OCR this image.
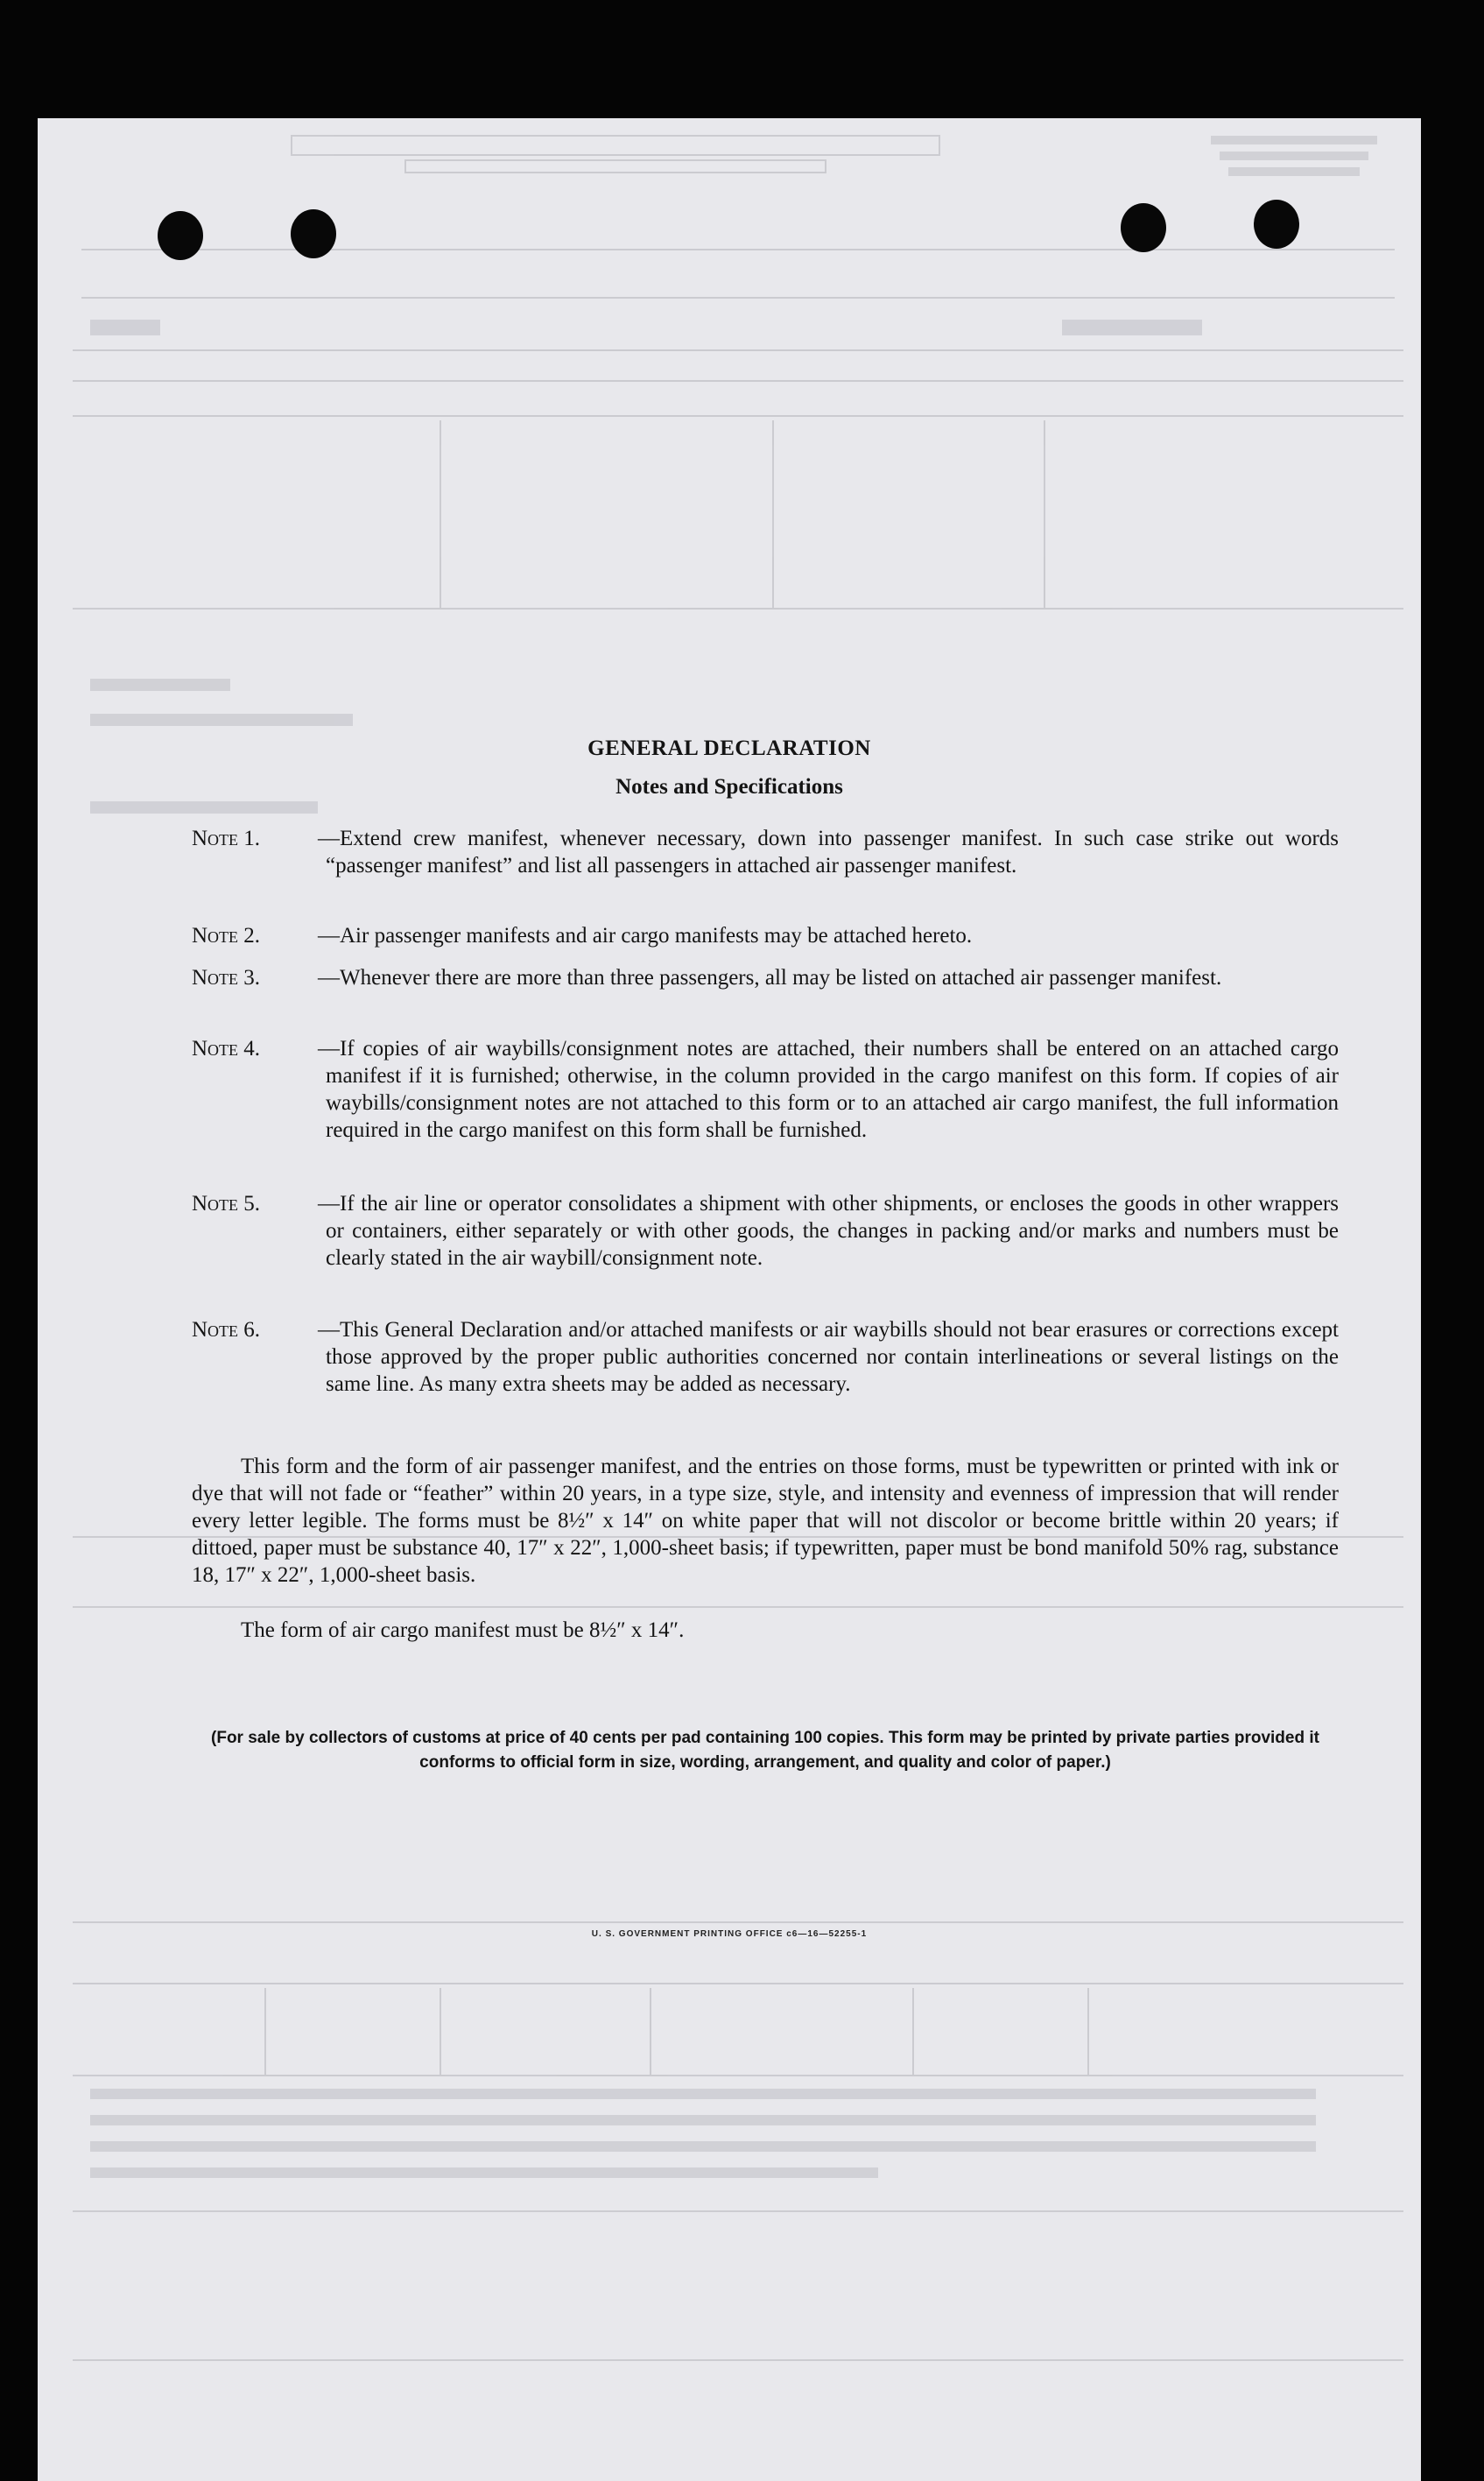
GENERAL DECLARATION
Notes and Specifications
Note 1.	—Extend crew manifest, whenever necessary, down into passenger manifest. In such case strike out words “passenger manifest” and list all passengers in attached air passenger manifest.
Note 2.	—Air passenger manifests and air cargo manifests may be attached hereto.
Note 3.	—Whenever there are more than three passengers, all may be listed on attached air passenger manifest.
Note 4.	—If copies of air waybills/consignment notes are attached, their numbers shall be entered on an attached cargo manifest if it is furnished; otherwise, in the column provided in the cargo manifest on this form. If copies of air waybills/consignment notes are not attached to this form or to an attached air cargo manifest, the full information required in the cargo manifest on this form shall be furnished.
Note 5.	—If the air line or operator consolidates a shipment with other shipments, or encloses the goods in other wrappers or containers, either separately or with other goods, the changes in packing and/or marks and numbers must be clearly stated in the air waybill/consignment note.
Note 6.	—This General Declaration and/or attached manifests or air waybills should not bear erasures or corrections except those approved by the proper public authorities concerned nor contain interlineations or several listings on the same line. As many extra sheets may be added as necessary.
This form and the form of air passenger manifest, and the entries on those forms, must be typewritten or printed with ink or dye that will not fade or “feather” within 20 years, in a type size, style, and intensity and evenness of impression that will render every letter legible. The forms must be 8½″ x 14″ on white paper that will not discolor or become brittle within 20 years; if dittoed, paper must be substance 40, 17″ x 22″, 1,000-sheet basis; if typewritten, paper must be bond manifold 50% rag, substance 18, 17″ x 22″, 1,000-sheet basis.
The form of air cargo manifest must be 8½″ x 14″.
(For sale by collectors of customs at price of 40 cents per pad containing 100 copies. This form may be printed by private parties provided it conforms to official form in size, wording, arrangement, and quality and color of paper.)
U. S. GOVERNMENT PRINTING OFFICE c6—16—52255-1
